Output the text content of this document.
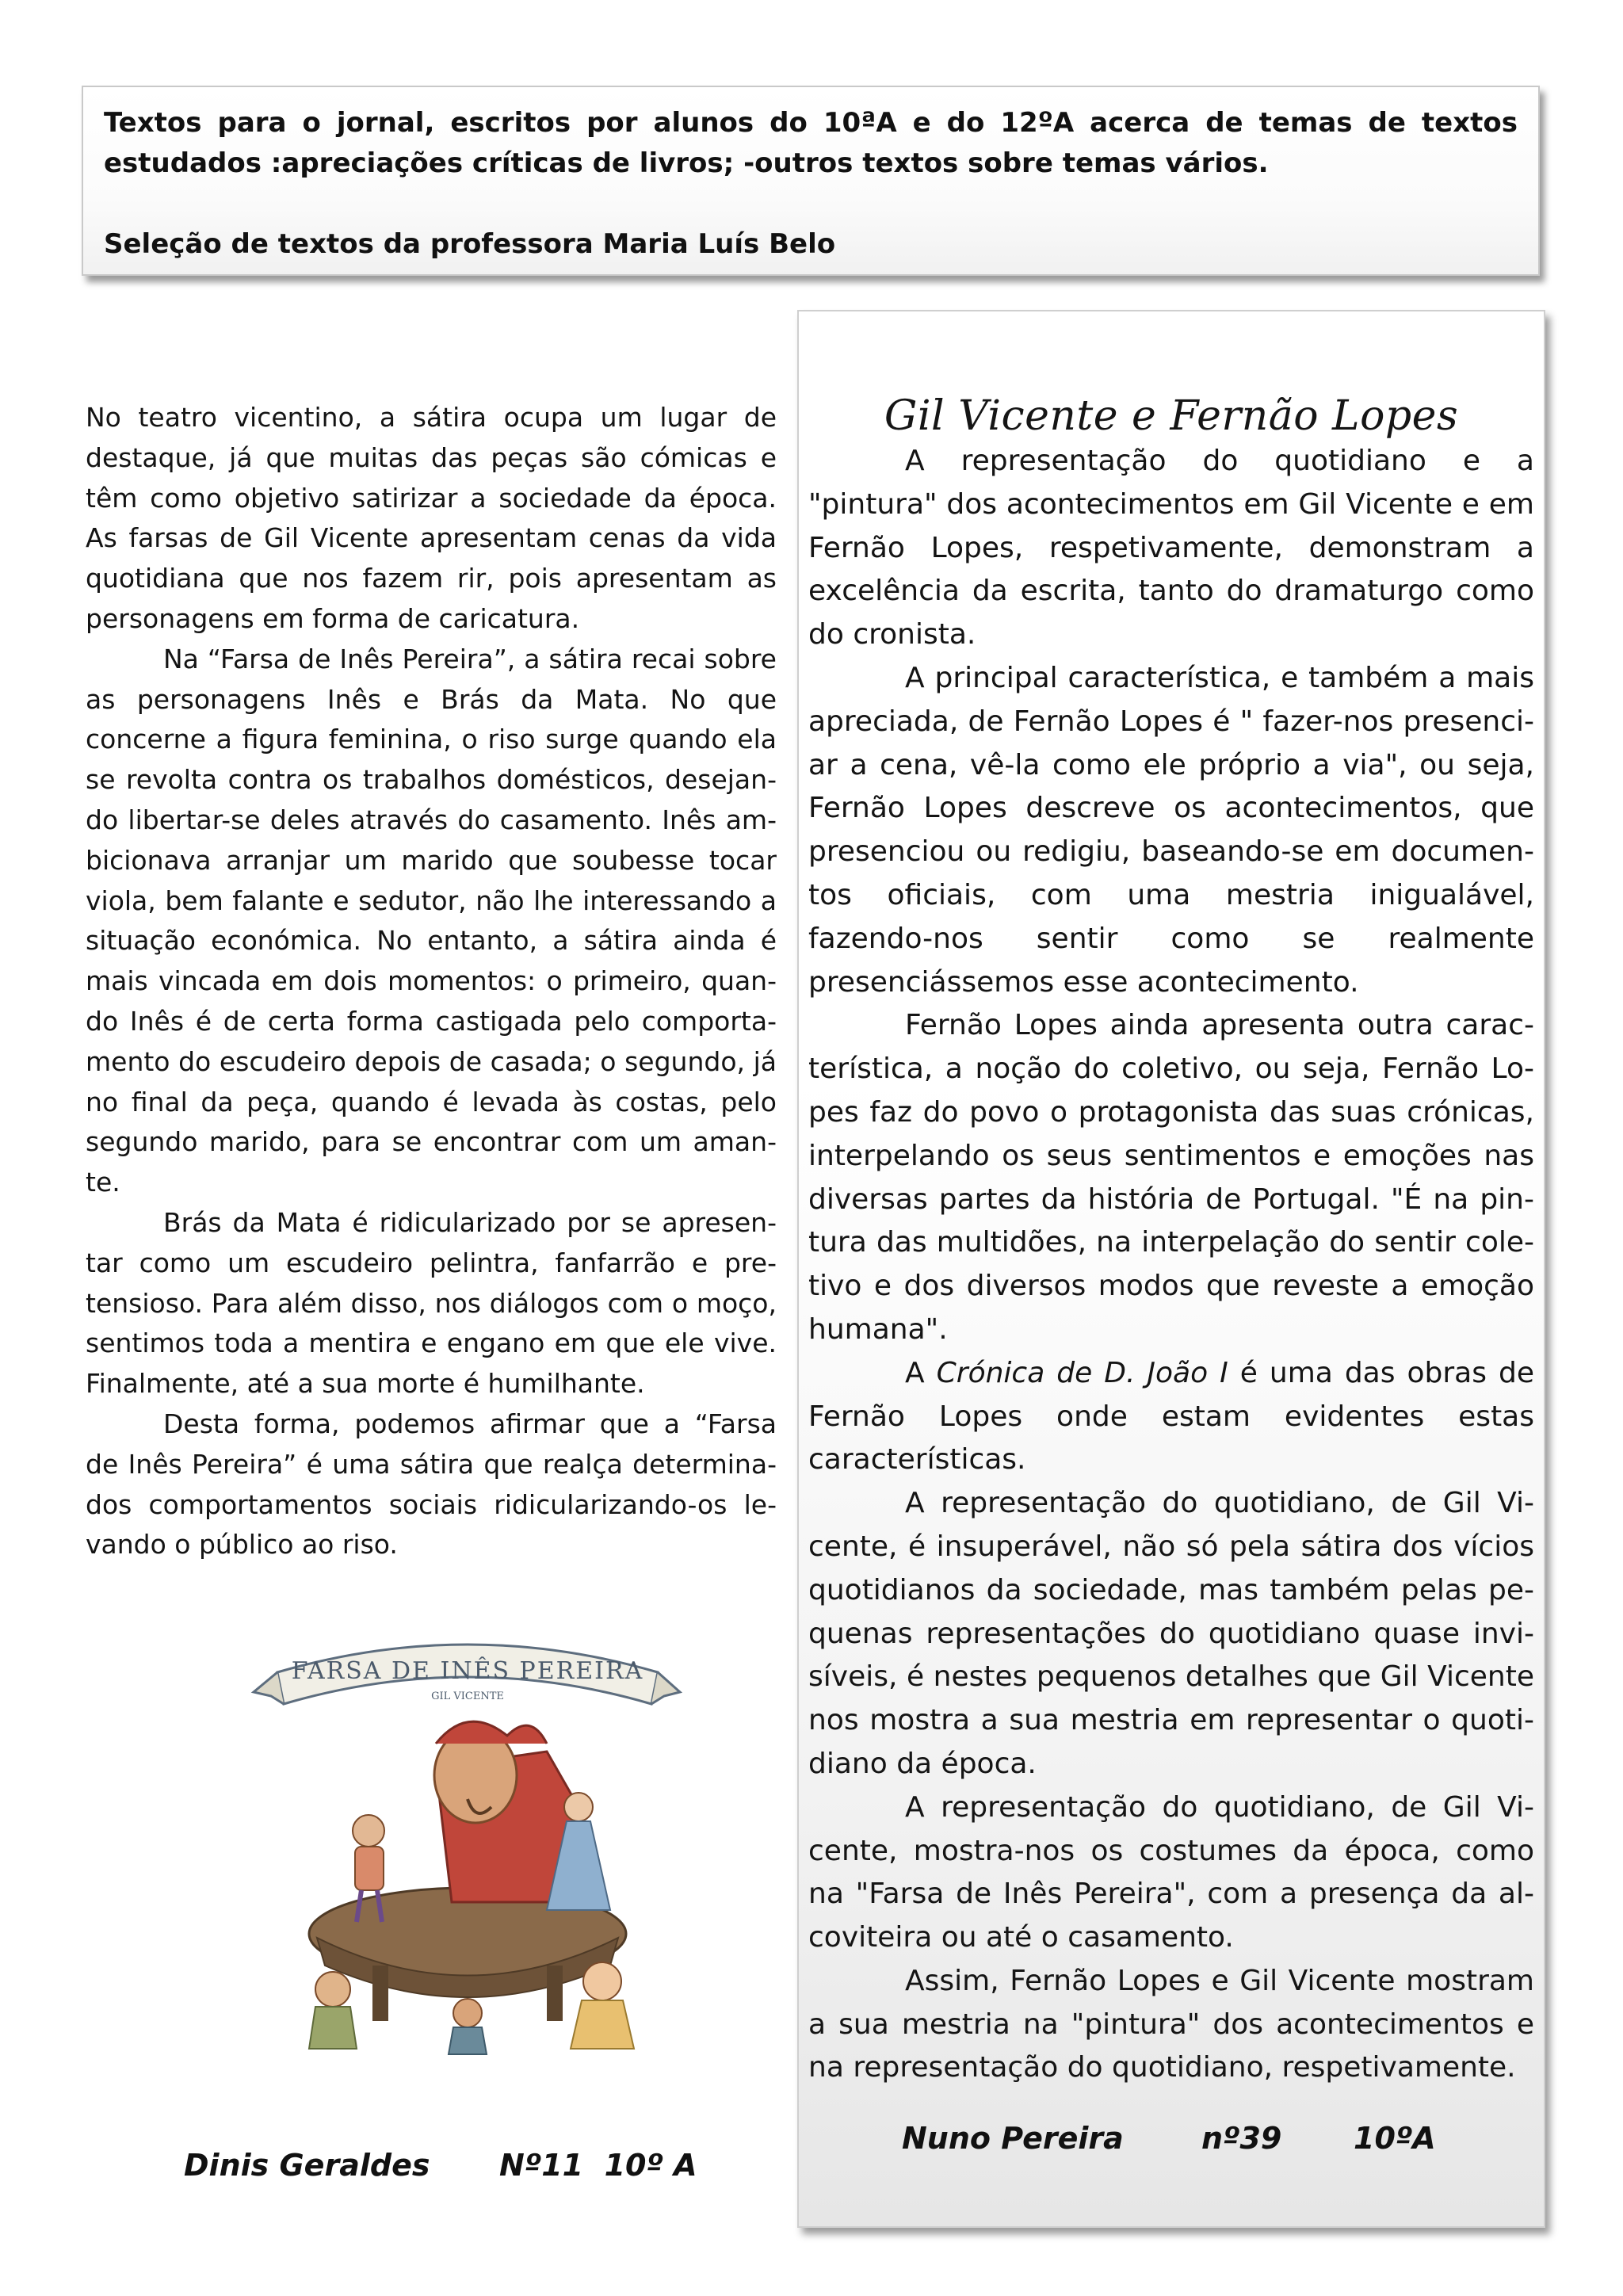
Textos para o jornal, escritos por alunos do 10ªA e do 12ºA acerca de temas de textos estudados :apreciações críticas de livros; -outros textos sobre temas vários.

Seleção de textos da professora Maria Luís Belo

No teatro vicentino, a sátira ocupa um lugar de destaque, já que muitas das peças são cómicas e têm como objetivo satirizar a sociedade da época. As farsas de Gil Vicente apresentam cenas da vida quotidiana que nos fazem rir, pois apresentam as personagens em forma de caricatura.

Na “Farsa de Inês Pereira”, a sátira recai sobre as personagens Inês e Brás da Mata. No que concerne a figura feminina, o riso surge quando ela se revolta contra os trabalhos domésticos, desejando libertar-se deles através do casamento. Inês ambicionava arranjar um marido que soubesse tocar viola, bem falante e sedutor, não lhe interessando a situação económica. No entanto, a sátira ainda é mais vincada em dois momentos: o primeiro, quando Inês é de certa forma castigada pelo comportamento do escudeiro depois de casada; o segundo, já no final da peça, quando é levada às costas, pelo segundo marido, para se encontrar com um amante.

Brás da Mata é ridicularizado por se apresentar como um escudeiro pelintra, fanfarrão e pretensioso. Para além disso, nos diálogos com o moço, sentimos toda a mentira e engano em que ele vive. Finalmente, até a sua morte é humilhante.

Desta forma, podemos afirmar que a “Farsa de Inês Pereira” é uma sátira que realça determinados comportamentos sociais ridicularizando-os levando o público ao riso.

FARSA DE INÊS PEREIRA
GIL VICENTE
Dinis Geraldes Nº11  10º A
Gil Vicente e Fernão Lopes

A representação do quotidiano e a "pintura" dos acontecimentos em Gil Vicente e em Fernão Lopes, respetivamente, demonstram a excelência da escrita, tanto do dramaturgo como do cronista.

A principal característica, e também a mais apreciada, de Fernão Lopes é " fazer-nos presenciar a cena, vê-la como ele próprio a via", ou seja, Fernão Lopes descreve os acontecimentos, que presenciou ou redigiu, baseando-se em documentos oficiais, com uma mestria inigualável, fazendo-nos sentir como se realmente presenciássemos esse acontecimento.

Fernão Lopes ainda apresenta outra característica, a noção do coletivo, ou seja, Fernão Lopes faz do povo o protagonista das suas crónicas, interpelando os seus sentimentos e emoções nas diversas partes da história de Portugal. "É na pintura das multidões, na interpelação do sentir coletivo e dos diversos modos que reveste a emoção humana".

A Crónica de D. João I é uma das obras de Fernão Lopes onde estam evidentes estas características.

A representação do quotidiano, de Gil Vicente, é insuperável, não só pela sátira dos vícios quotidianos da sociedade, mas também pelas pequenas representações do quotidiano quase invisíveis, é nestes pequenos detalhes que Gil Vicente nos mostra a sua mestria em representar o quotidiano da época.

A representação do quotidiano, de Gil Vicente, mostra-nos os costumes da época, como na "Farsa de Inês Pereira", com a presença da alcoviteira ou até o casamento.

Assim, Fernão Lopes e Gil Vicente mostram a sua mestria na "pintura" dos acontecimentos e na representação do quotidiano, respetivamente.

Nuno Pereira	nº39 10ºA
